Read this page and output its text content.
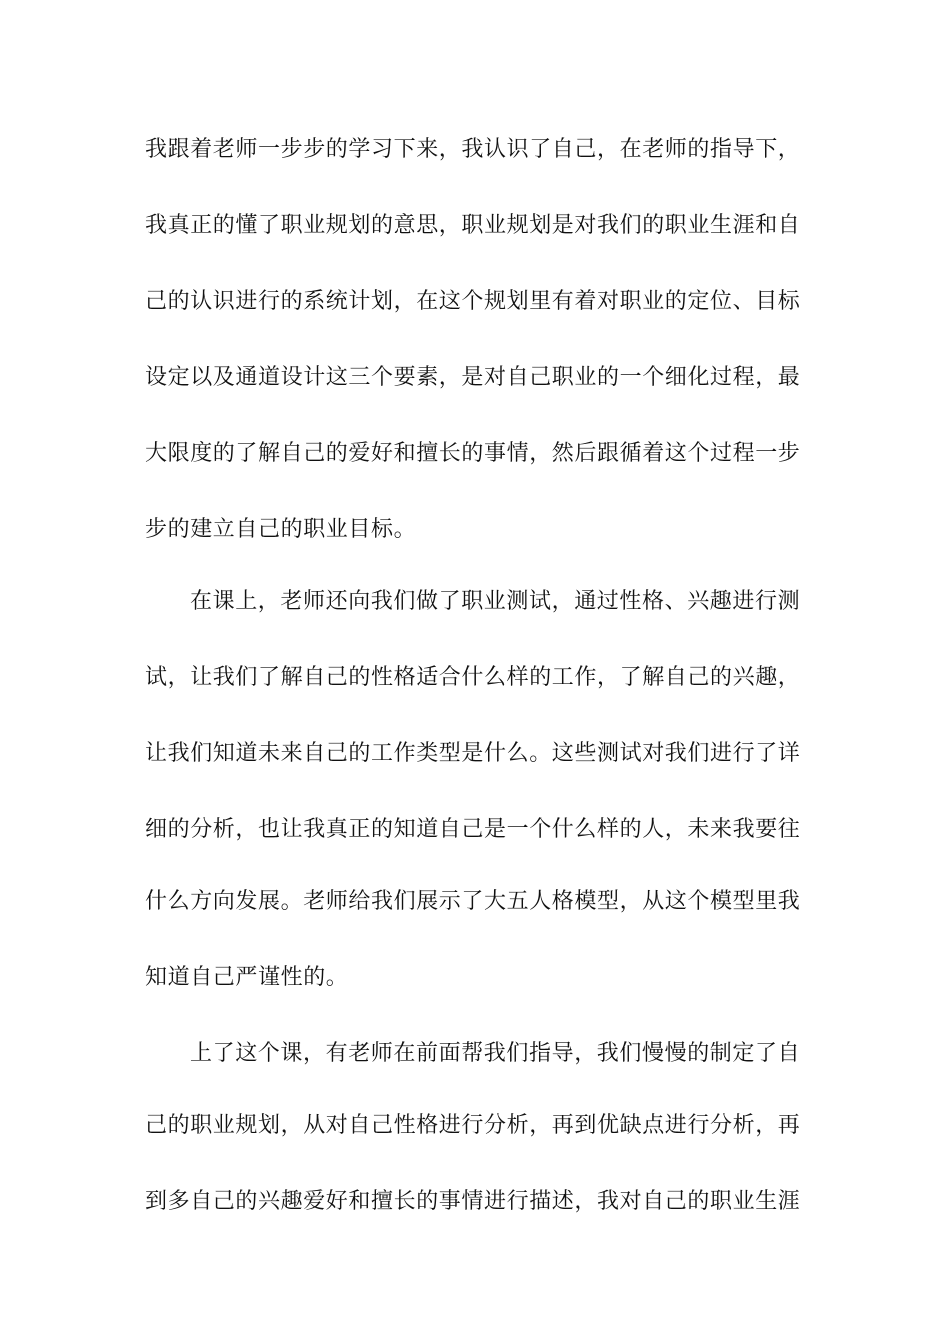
我跟着老师一步步的学习下来，我认识了自己，在老师的指导下，

我真正的懂了职业规划的意思，职业规划是对我们的职业生涯和自

己的认识进行的系统计划，在这个规划里有着对职业的定位、目标

设定以及通道设计这三个要素，是对自己职业的一个细化过程，最

大限度的了解自己的爱好和擅长的事情，然后跟循着这个过程一步

步的建立自己的职业目标。

在课上，老师还向我们做了职业测试，通过性格、兴趣进行测

试，让我们了解自己的性格适合什么样的工作，了解自己的兴趣，

让我们知道未来自己的工作类型是什么。这些测试对我们进行了详

细的分析，也让我真正的知道自己是一个什么样的人，未来我要往

什么方向发展。老师给我们展示了大五人格模型，从这个模型里我

知道自己严谨性的。

上了这个课，有老师在前面帮我们指导，我们慢慢的制定了自

己的职业规划，从对自己性格进行分析，再到优缺点进行分析，再

到多自己的兴趣爱好和擅长的事情进行描述，我对自己的职业生涯
